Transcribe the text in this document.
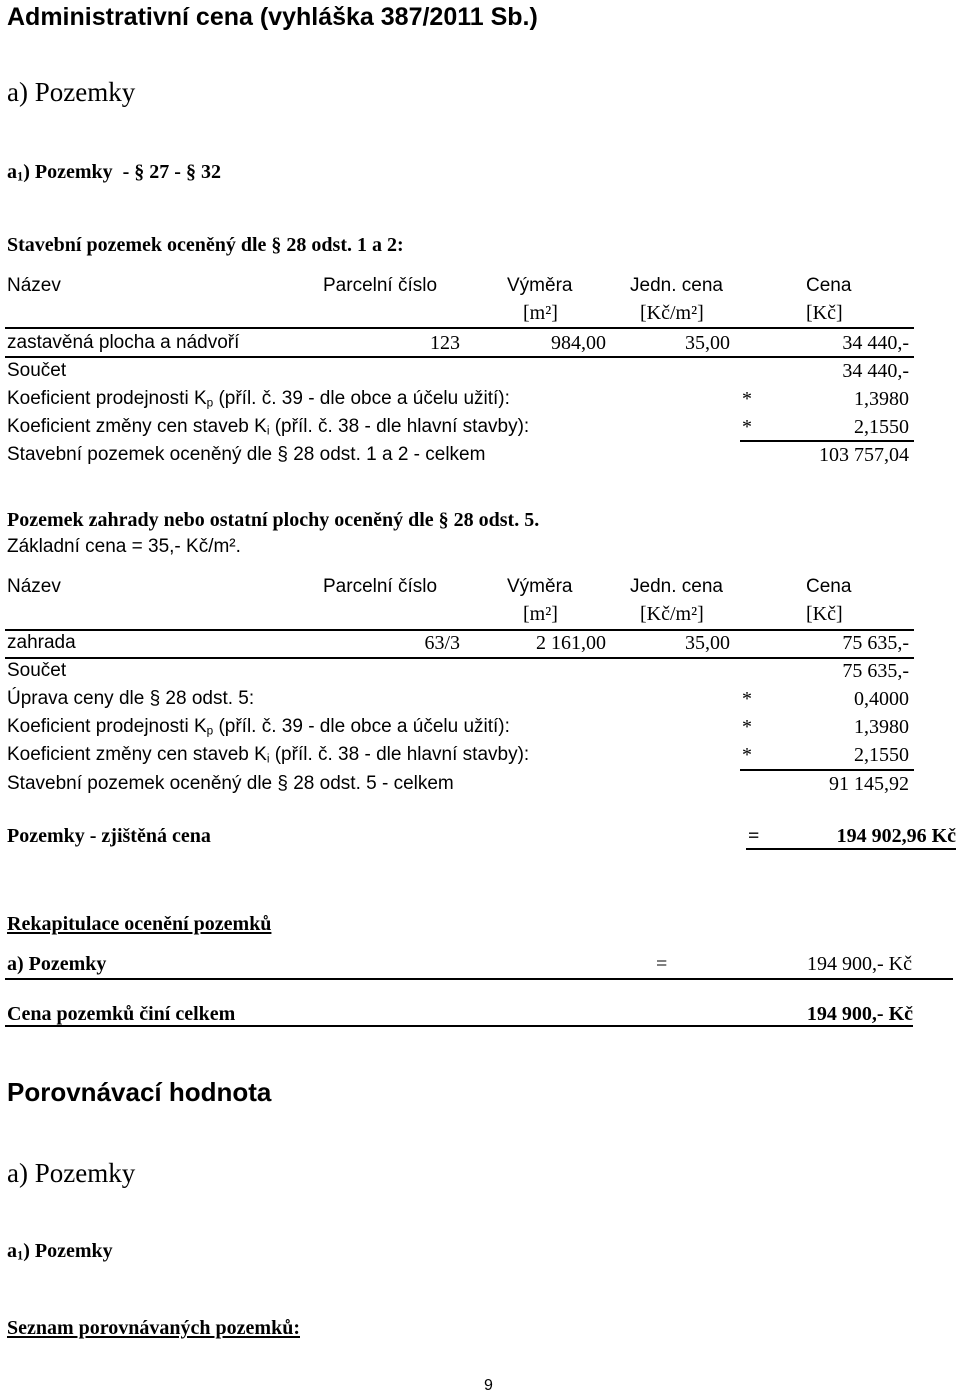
Administrativní cena (vyhláška 387/2011 Sb.)
a) Pozemky
$a_1$) Pozemky  - § 27 - § 32
Stavební pozemek oceněný dle § 28 odst. 1 a 2:
Název	Parcelní číslo	Výměra	Jedn. cena	Cena
[m²]	[Kč/m²]	[Kč]
zastavěná plocha a nádvoří	123	984,00	35,00	34 440,-
Součet	34 440,-
Koeficient prodejnosti $K_p$ (příl. č. 39 - dle obce a účelu užití):	*	1,3980
Koeficient změny cen staveb $K_i$ (příl. č. 38 - dle hlavní stavby):	*	2,1550
Stavební pozemek oceněný dle § 28 odst. 1 a 2 - celkem	103 757,04
Pozemek zahrady nebo ostatní plochy oceněný dle § 28 odst. 5.
Základní cena = 35,- Kč/m².
Název	Parcelní číslo	Výměra	Jedn. cena	Cena
[m²]	[Kč/m²]	[Kč]
zahrada	63/3	2 161,00	35,00	75 635,-
Součet	75 635,-
Úprava ceny dle § 28 odst. 5:	*	0,4000
Koeficient prodejnosti $K_p$ (příl. č. 39 - dle obce a účelu užití):	*	1,3980
Koeficient změny cen staveb $K_i$ (příl. č. 38 - dle hlavní stavby):	*	2,1550
Stavební pozemek oceněný dle § 28 odst. 5 - celkem	91 145,92
Pozemky - zjištěná cena	=	194 902,96 Kč
Rekapitulace ocenění pozemků
a) Pozemky	=	194 900,- Kč
Cena pozemků činí celkem	194 900,- Kč
Porovnávací hodnota
a) Pozemky
$a_1$) Pozemky
Seznam porovnávaných pozemků:
9
